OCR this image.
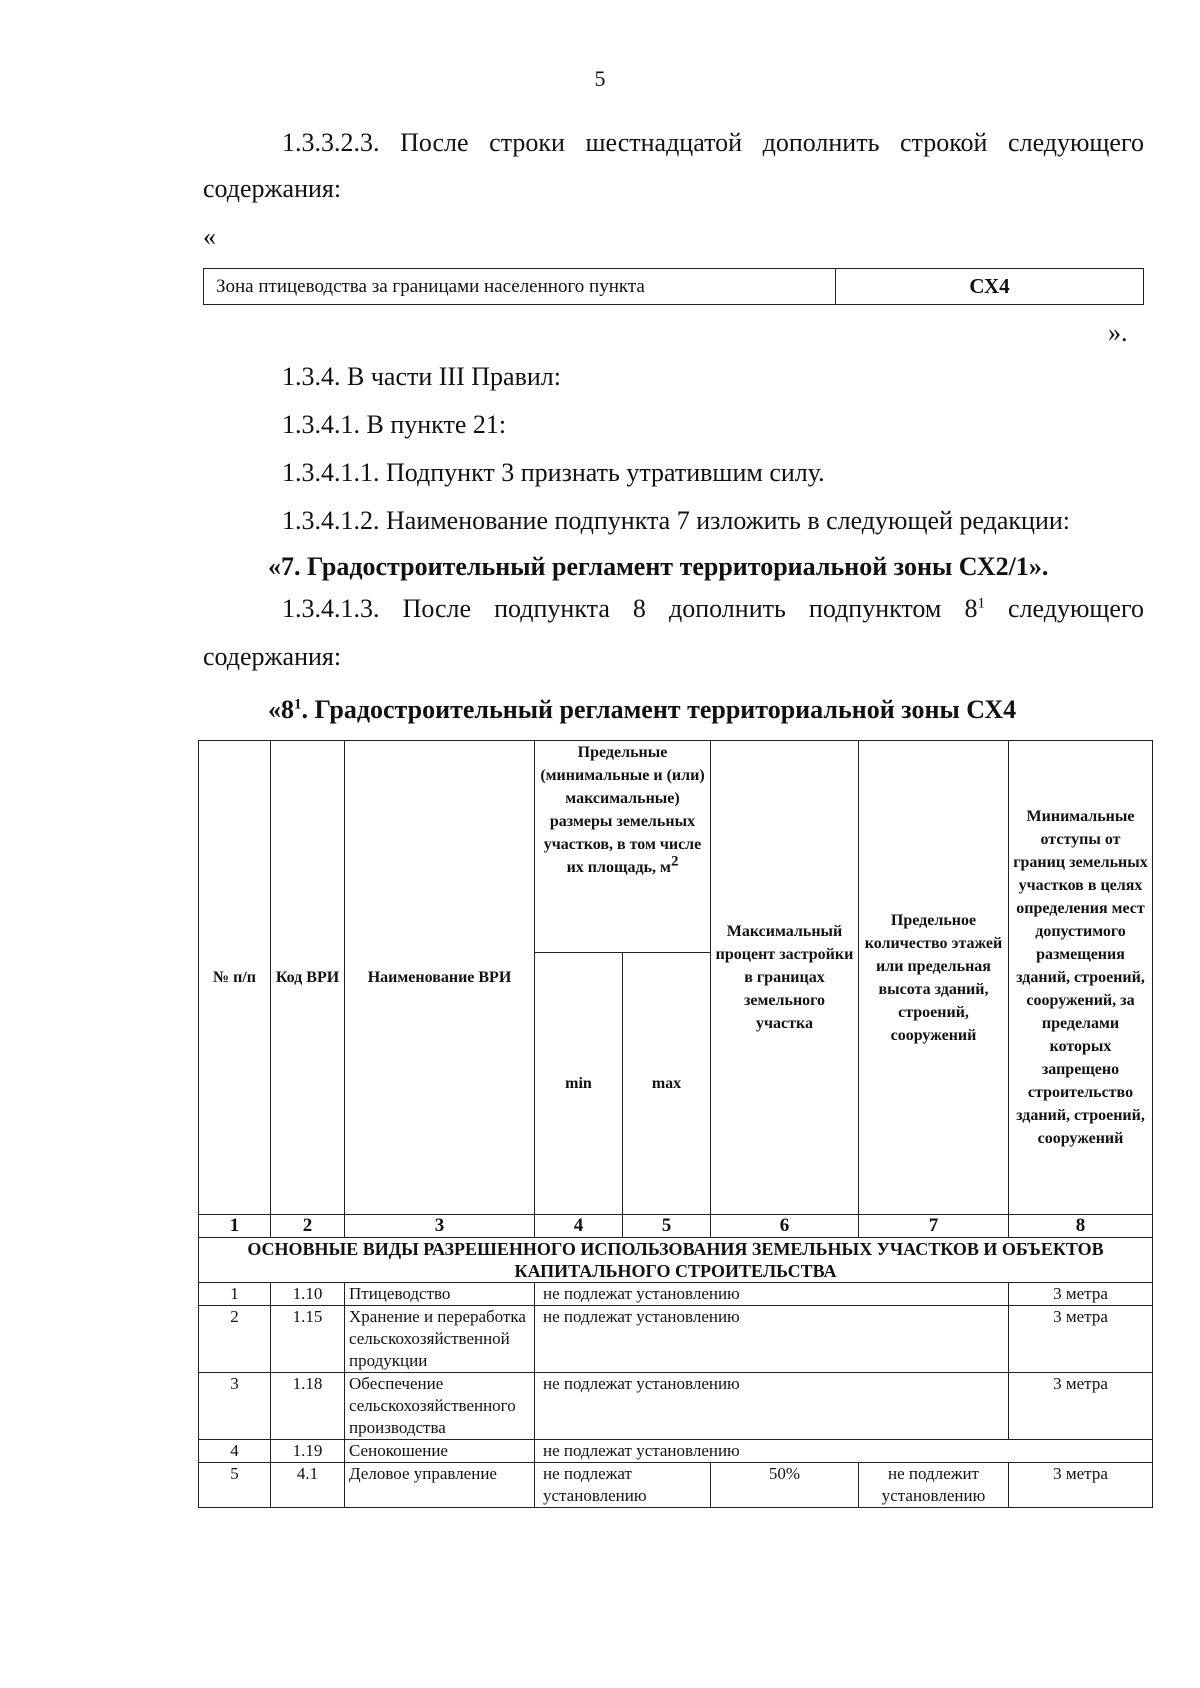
5
1.3.3.2.3. После строки шестнадцатой дополнить строкой следующего
содержания:
«
Зона птицеводства за границами населенного пункта	СХ4
».
1.3.4. В части III Правил:
1.3.4.1. В пункте 21:
1.3.4.1.1. Подпункт 3 признать утратившим силу.
1.3.4.1.2. Наименование подпункта 7 изложить в следующей редакции:
«7. Градостроительный регламент территориальной зоны СХ2/1».
1.3.4.1.3. После подпункта 8 дополнить подпунктом $8^1$ следующего
содержания:
«$8^1$. Градостроительный регламент территориальной зоны СХ4
№ п/п	Код ВРИ	Наименование ВРИ	Предельные (минимальные и (или) максимальные) размеры земельных участков, в том числе их площадь, $м^2$		Максимальный процент застройки в границах земельного участка	Предельное количество этажей или предельная высота зданий, строений, сооружений	Минимальные отступы от границ земельных участков в целях определения мест допустимого размещения зданий, строений, сооружений, за пределами которых запрещено строительство зданий, строений, сооружений
			min	max			
1	2	3	4	5	6	7	8
ОСНОВНЫЕ ВИДЫ РАЗРЕШЕННОГО ИСПОЛЬЗОВАНИЯ ЗЕМЕЛЬНЫХ УЧАСТКОВ И ОБЪЕКТОВ КАПИТАЛЬНОГО СТРОИТЕЛЬСТВА							
1	1.10	Птицеводство	не подлежат установлению				3 метра
2	1.15	Хранение и переработка сельскохозяйственной продукции	не подлежат установлению				3 метра
3	1.18	Обеспечение сельскохозяйственного производства	не подлежат установлению				3 метра
4	1.19	Сенокошение	не подлежат установлению				
5	4.1	Деловое управление	не подлежат установлению		50%	не подлежит установлению	3 метра
